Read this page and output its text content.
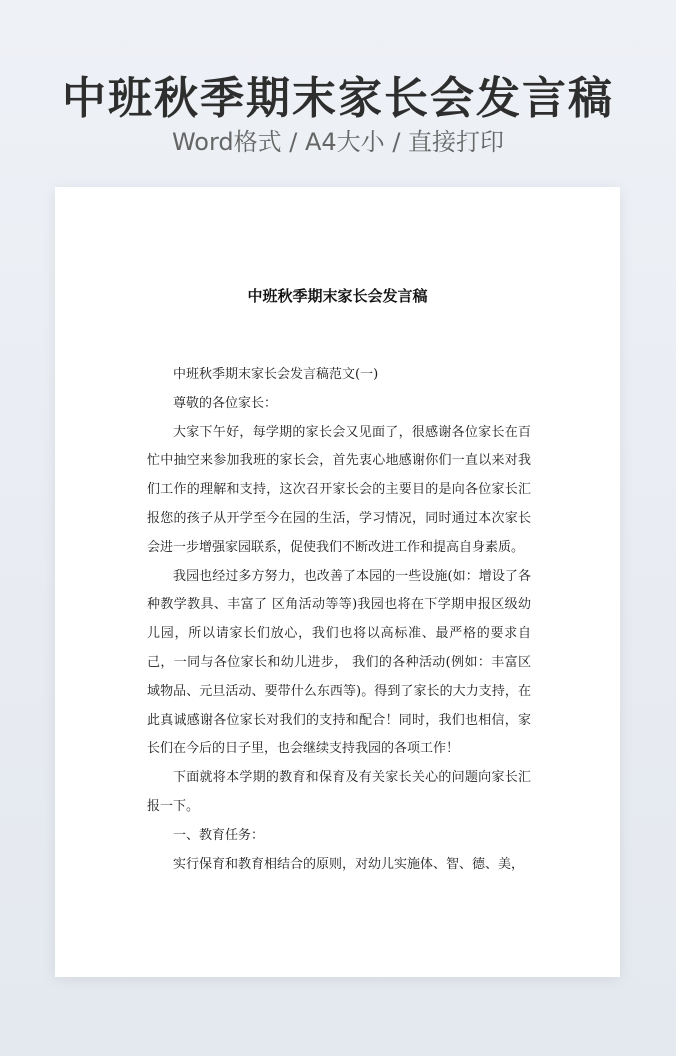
中班秋季期末家长会发言稿
Word格式 / A4大小 / 直接打印
中班秋季期末家长会发言稿

中班秋季期末家长会发言稿范文(一)

尊敬的各位家长：

大家下午好，每学期的家长会又见面了，很感谢各位家长在百忙中抽空来参加我班的家长会，首先衷心地感谢你们一直以来对我们工作的理解和支持，这次召开家长会的主要目的是向各位家长汇报您的孩子从开学至今在园的生活，学习情况，同时通过本次家长会进一步增强家园联系，促使我们不断改进工作和提高自身素质。

我园也经过多方努力，也改善了本园的一些设施(如：增设了各种教学教具、丰富了 区角活动等等)我园也将在下学期申报区级幼儿园，所以请家长们放心，我们也将以高标准、最严格的要求自己，一同与各位家长和幼儿进步， 我们的各种活动(例如：丰富区域物品、元旦活动、要带什么东西等)。得到了家长的大力支持，在此真诚感谢各位家长对我们的支持和配合！同时，我们也相信，家长们在今后的日子里，也会继续支持我园的各项工作！

下面就将本学期的教育和保育及有关家长关心的问题向家长汇报一下。

一、教育任务：

实行保育和教育相结合的原则，对幼儿实施体、智、德、美，
